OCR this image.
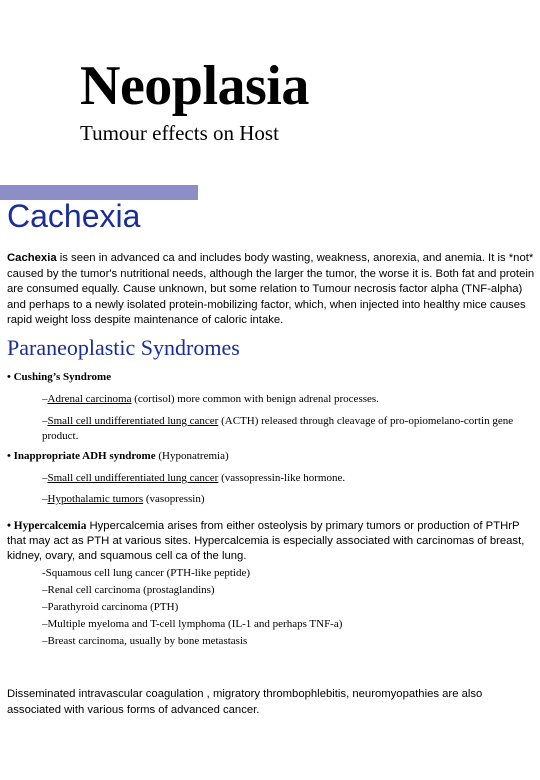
Neoplasia
Tumour effects on Host
Cachexia

Cachexia is seen in advanced ca and includes body wasting, weakness, anorexia, and anemia. It is *not* caused by the tumor's nutritional needs, although the larger the tumor, the worse it is. Both fat and protein are consumed equally. Cause unknown, but some relation to Tumour necrosis factor alpha (TNF-alpha) and perhaps to a newly isolated protein-mobilizing factor, which, when injected into healthy mice causes rapid weight loss despite maintenance of caloric intake.

Paraneoplastic Syndromes
• Cushing’s Syndrome
–Adrenal carcinoma (cortisol) more common with benign adrenal processes.
–Small cell undifferentiated lung cancer (ACTH) released through cleavage of pro-opiomelano-cortin gene product.
• Inappropriate ADH syndrome (Hyponatremia)
–Small cell undifferentiated lung cancer (vassopressin-like hormone.
–Hypothalamic tumors (vasopressin)
• Hypercalcemia Hypercalcemia arises from either osteolysis by primary tumors or production of PTHrP that may act as PTH at various sites. Hypercalcemia is especially associated with carcinomas of breast, kidney, ovary, and squamous cell ca of the lung.
-Squamous cell lung cancer (PTH-like peptide)
–Renal cell carcinoma (prostaglandins)
–Parathyroid carcinoma (PTH)
–Multiple myeloma and T-cell lymphoma (IL-1 and perhaps TNF-a)
–Breast carcinoma, usually by bone metastasis

Disseminated intravascular coagulation , migratory thrombophlebitis, neuromyopathies are also associated with various forms of advanced cancer.
